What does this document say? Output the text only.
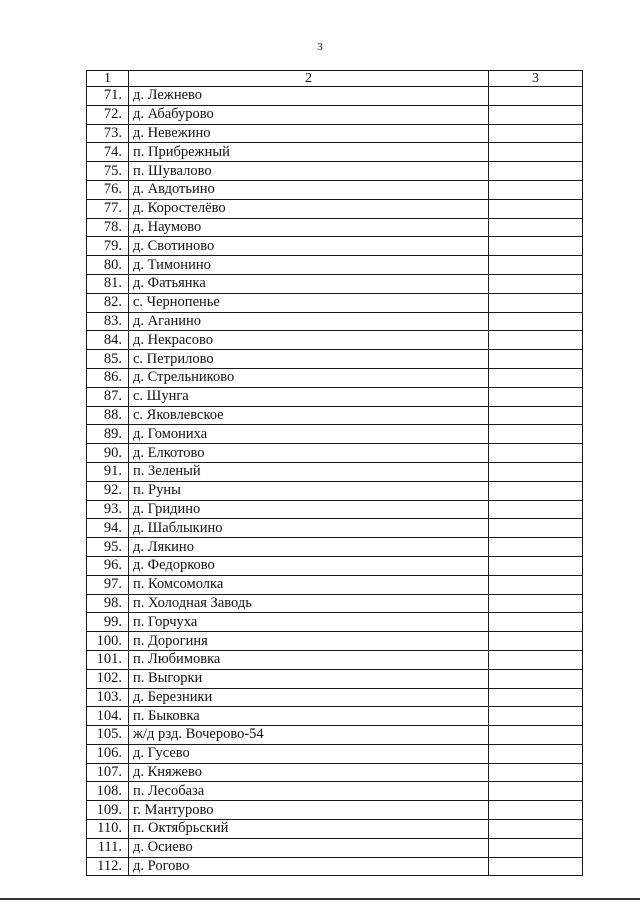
3
1	2	3
71.	д. Лежнево	
72.	д. Абабурово	
73.	д. Невежино	
74.	п. Прибрежный	
75.	п. Шувалово	
76.	д. Авдотьино	
77.	д. Коростелёво	
78.	д. Наумово	
79.	д. Свотиново	
80.	д. Тимонино	
81.	д. Фатьянка	
82.	с. Чернопенье	
83.	д. Аганино	
84.	д. Некрасово	
85.	с. Петрилово	
86.	д. Стрельниково	
87.	с. Шунга	
88.	с. Яковлевское	
89.	д. Гомониха	
90.	д. Елкотово	
91.	п. Зеленый	
92.	п. Руны	
93.	д. Гридино	
94.	д. Шаблыкино	
95.	д. Лякино	
96.	д. Федорково	
97.	п. Комсомолка	
98.	п. Холодная Заводь	
99.	п. Горчуха	
100.	п. Дорогиня	
101.	п. Любимовка	
102.	п. Выгорки	
103.	д. Березники	
104.	п. Быковка	
105.	ж/д рзд. Вочерово-54	
106.	д. Гусево	
107.	д. Княжево	
108.	п. Лесобаза	
109.	г. Мантурово	
110.	п. Октябрьский	
111.	д. Осиево	
112.	д. Рогово	
